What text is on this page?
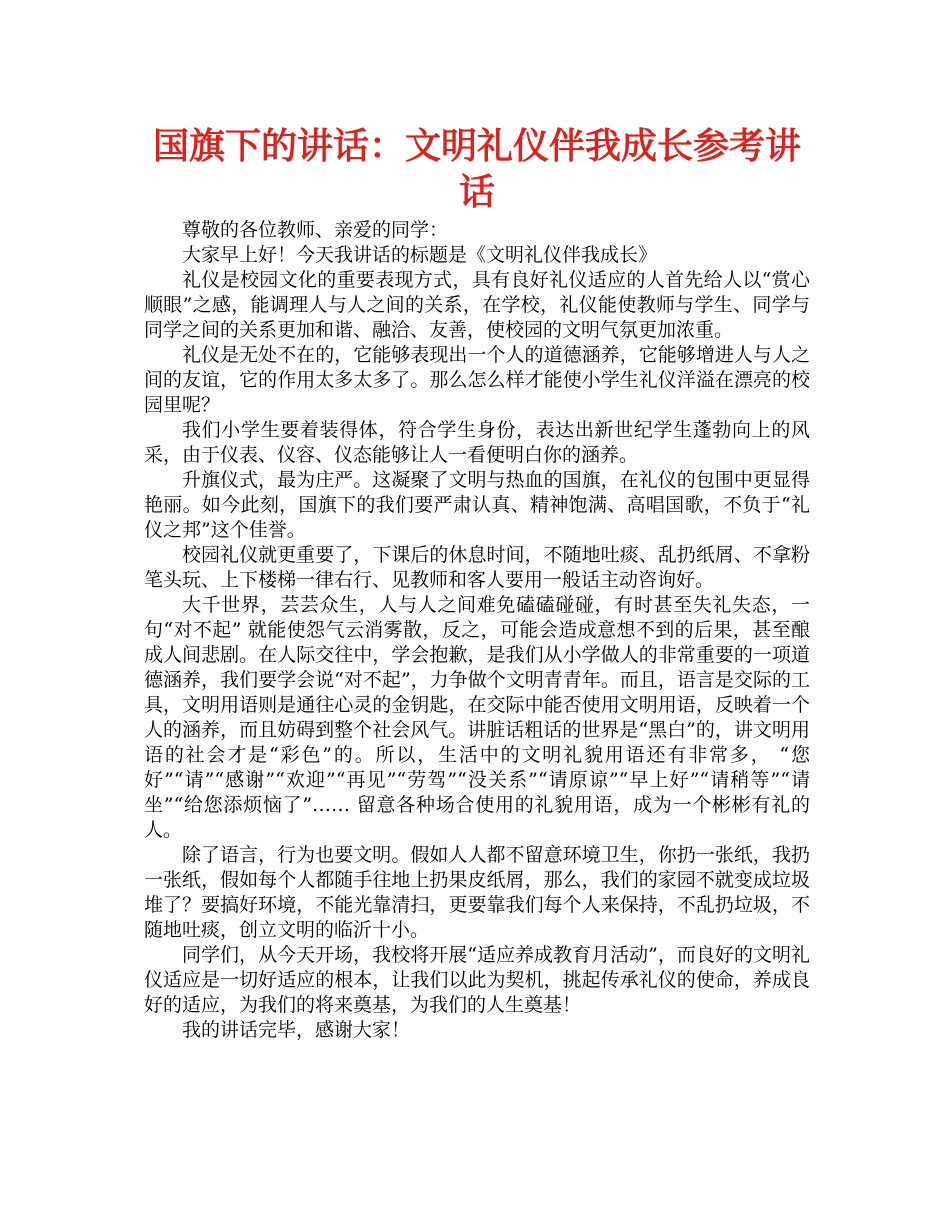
国旗下的讲话：文明礼仪伴我成长参考讲话

尊敬的各位教师、亲爱的同学：

大家早上好！今天我讲话的标题是《文明礼仪伴我成长》

礼仪是校园文化的重要表现方式，具有良好礼仪适应的人首先给人以“赏心顺眼”之感，能调理人与人之间的关系，在学校，礼仪能使教师与学生、同学与同学之间的关系更加和谐、融洽、友善，使校园的文明气氛更加浓重。

礼仪是无处不在的，它能够表现出一个人的道德涵养，它能够增进人与人之间的友谊，它的作用太多太多了。那么怎么样才能使小学生礼仪洋溢在漂亮的校园里呢？

我们小学生要着装得体，符合学生身份，表达出新世纪学生蓬勃向上的风采，由于仪表、仪容、仪态能够让人一看便明白你的涵养。

升旗仪式，最为庄严。这凝聚了文明与热血的国旗，在礼仪的包围中更显得艳丽。如今此刻，国旗下的我们要严肃认真、精神饱满、高唱国歌，不负于“礼仪之邦”这个佳誉。

校园礼仪就更重要了，下课后的休息时间，不随地吐痰、乱扔纸屑、不拿粉笔头玩、上下楼梯一律右行、见教师和客人要用一般话主动咨询好。

大千世界，芸芸众生，人与人之间难免磕磕碰碰，有时甚至失礼失态，一句“对不起” 就能使怨气云消雾散，反之，可能会造成意想不到的后果，甚至酿成人间悲剧。在人际交往中，学会抱歉，是我们从小学做人的非常重要的一项道德涵养，我们要学会说“对不起”，力争做个文明青青年。而且，语言是交际的工具，文明用语则是通往心灵的金钥匙，在交际中能否使用文明用语，反映着一个人的涵养，而且妨碍到整个社会风气。讲脏话粗话的世界是“黑白”的，讲文明用语的社会才是“彩色”的。所以，生活中的文明礼貌用语还有非常多， “您好”“请”“感谢”“欢迎”“再见”“劳驾”“没关系”“请原谅”“早上好”“请稍等”“请坐”“给您添烦恼了”…… 留意各种场合使用的礼貌用语，成为一个彬彬有礼的人。

除了语言，行为也要文明。假如人人都不留意环境卫生，你扔一张纸，我扔一张纸，假如每个人都随手往地上扔果皮纸屑，那么，我们的家园不就变成垃圾堆了？要搞好环境，不能光靠清扫，更要靠我们每个人来保持，不乱扔垃圾，不随地吐痰，创立文明的临沂十小。

同学们，从今天开场，我校将开展“适应养成教育月活动”，而良好的文明礼仪适应是一切好适应的根本，让我们以此为契机，挑起传承礼仪的使命，养成良好的适应，为我们的将来奠基，为我们的人生奠基！

我的讲话完毕，感谢大家！
